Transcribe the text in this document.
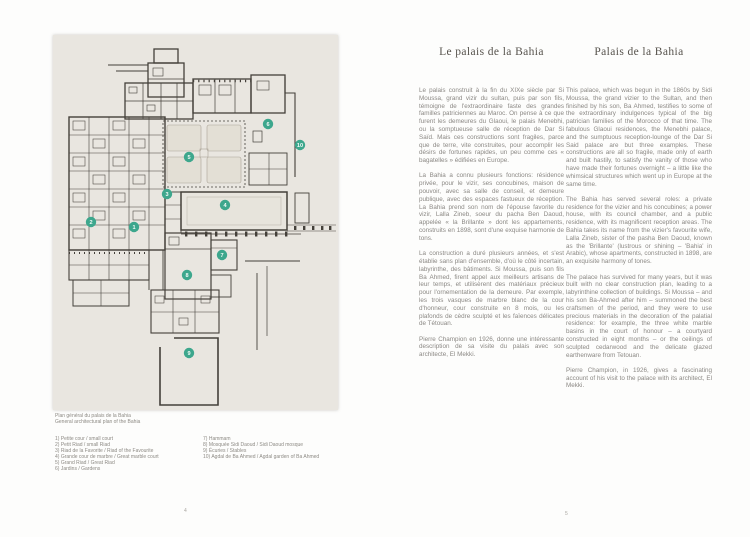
1
2
3
4
5
6
7
8
9
10
Plan général du palais de la Bahia
General architectural plan of the Bahia
1) Petite cour / small court
2) Petit Riad / small Riad
3) Riad de la Favorite / Riad of the Favourite
4) Grande cour de marbre / Great marble court
5) Grand Riad / Great Riad
6) Jardins / Gardens
7) Hammam
8) Mosquée Sidi Daoud / Sidi Daoud mosque
9) Écuries / Stables
10) Agdal de Ba Ahmed / Agdal garden of Ba Ahmed
4
Le palais de la Bahia
Le palais construit à la fin du XIXe siècle par Si Moussa, grand vizir du sultan, puis par son fils, témoigne de l'extraordinaire faste des grandes familles patriciennes au Maroc. On pense à ce que furent les demeures du Glaoui, le palais Menebhi, ou la somptueuse salle de réception de Dar Si Saïd. Mais ces constructions sont fragiles, parce que de terre, vite construites, pour accomplir les désirs de fortunes rapides, un peu comme ces « bagatelles » édifiées en Europe.
La Bahia a connu plusieurs fonctions: résidence privée, pour le vizir, ses concubines, maison de pouvoir, avec sa salle de conseil, et demeure publique, avec des espaces fastueux de réception. La Bahia prend son nom de l'épouse favorite du vizir, Lalla Zineb, soeur du pacha Ben Daoud, appelée « la Brillante » dont les appartements, construits en 1898, sont d'une exquise harmonie de tons.
La construction a duré plusieurs années, et s'est établie sans plan d'ensemble, d'où le côté incertain, labyrinthe, des bâtiments. Si Moussa, puis son fils Ba Ahmed, firent appel aux meilleurs artisans de leur temps, et utilisèrent des matériaux précieux pour l'ornementation de la demeure. Par exemple, les trois vasques de marbre blanc de la cour d'honneur, cour construite en 8 mois, ou les plafonds de cèdre sculpté et les faïences délicates de Tétouan.
Pierre Champion en 1926, donne une intéressante description de sa visite du palais avec son architecte, El Mekki.
Palais de la Bahia
This palace, which was begun in the 1860s by Sidi Moussa, the grand vizier to the Sultan, and then finished by his son, Ba Ahmed, testifies to some of the extraordinary indulgences typical of the big patrician families of the Morocco of that time. The fabulous Glaoui residences, the Menebhi palace, and the sumptuous reception-lounge of the Dar Si Said palace are but three examples. These constructions are all so fragile, made only of earth and built hastily, to satisfy the vanity of those who have made their fortunes overnight – a little like the whimsical structures which went up in Europe at the same time.
The Bahia has served several roles: a private residence for the vizier and his concubines; a power house, with its council chamber, and a public residence, with its magnificent reception areas. The Bahia takes its name from the vizier's favourite wife, Lalla Zineb, sister of the pasha Ben Daoud, known as the 'Brillante' (lustrous or shining – 'Bahia' in Arabic), whose apartments, constructed in 1898, are an exquisite harmony of tones.
The palace has survived for many years, but it was built with no clear construction plan, leading to a labyrinthine collection of buildings. Si Moussa – and his son Ba-Ahmed after him – summoned the best craftsmen of the period, and they were to use precious materials in the decoration of the palatial residence: for example, the three white marble basins in the court of honour – a courtyard constructed in eight months – or the ceilings of sculpted cedarwood and the delicate glazed earthenware from Tetouan.
Pierre Champion, in 1926, gives a fascinating account of his visit to the palace with its architect, El Mekki.
5
